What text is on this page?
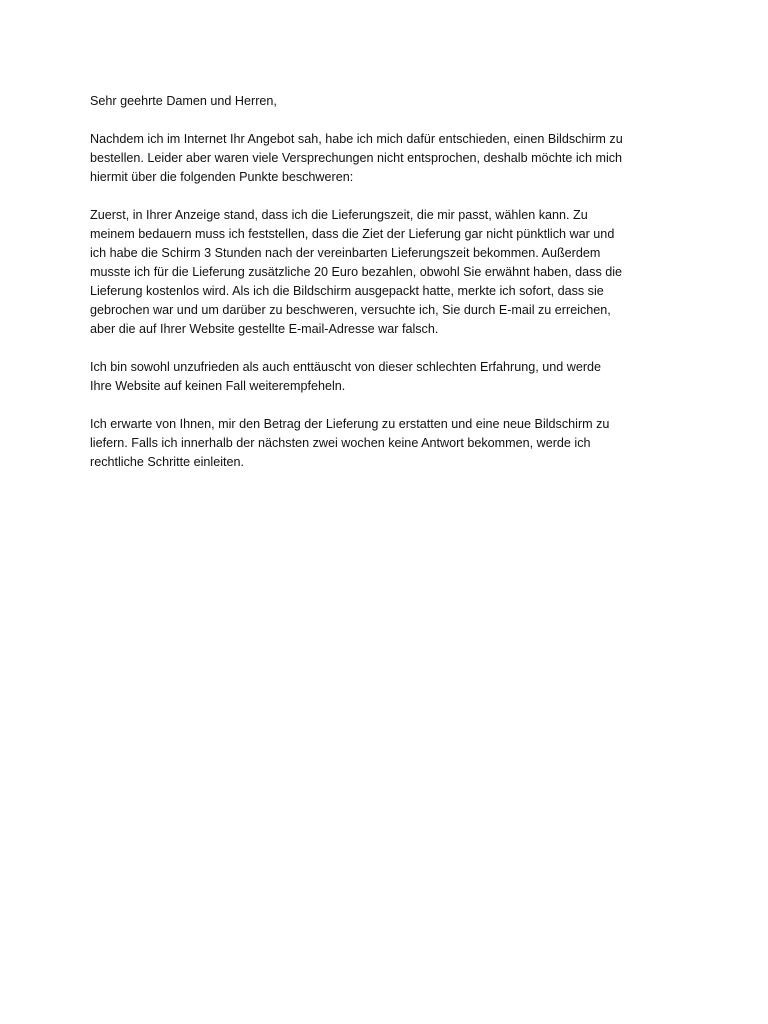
Sehr geehrte Damen und Herren,

Nachdem ich im Internet Ihr Angebot sah, habe ich mich dafür entschieden, einen Bildschirm zu
bestellen. Leider aber waren viele Versprechungen nicht entsprochen, deshalb möchte ich mich
hiermit über die folgenden Punkte beschweren:

Zuerst, in Ihrer Anzeige stand, dass ich die Lieferungszeit, die mir passt, wählen kann. Zu
meinem bedauern muss ich feststellen, dass die Ziet der Lieferung gar nicht pünktlich war und
ich habe die Schirm 3 Stunden nach der vereinbarten Lieferungszeit bekommen. Außerdem
musste ich für die Lieferung zusätzliche 20 Euro bezahlen, obwohl Sie erwähnt haben, dass die
Lieferung kostenlos wird. Als ich die Bildschirm ausgepackt hatte, merkte ich sofort, dass sie
gebrochen war und um darüber zu beschweren, versuchte ich, Sie durch E-mail zu erreichen,
aber die auf Ihrer Website gestellte E-mail-Adresse war falsch.

Ich bin sowohl unzufrieden als auch enttäuscht von dieser schlechten Erfahrung, und werde
Ihre Website auf keinen Fall weiterempfeheln.

Ich erwarte von Ihnen, mir den Betrag der Lieferung zu erstatten und eine neue Bildschirm zu
liefern. Falls ich innerhalb der nächsten zwei wochen keine Antwort bekommen, werde ich
rechtliche Schritte einleiten.
